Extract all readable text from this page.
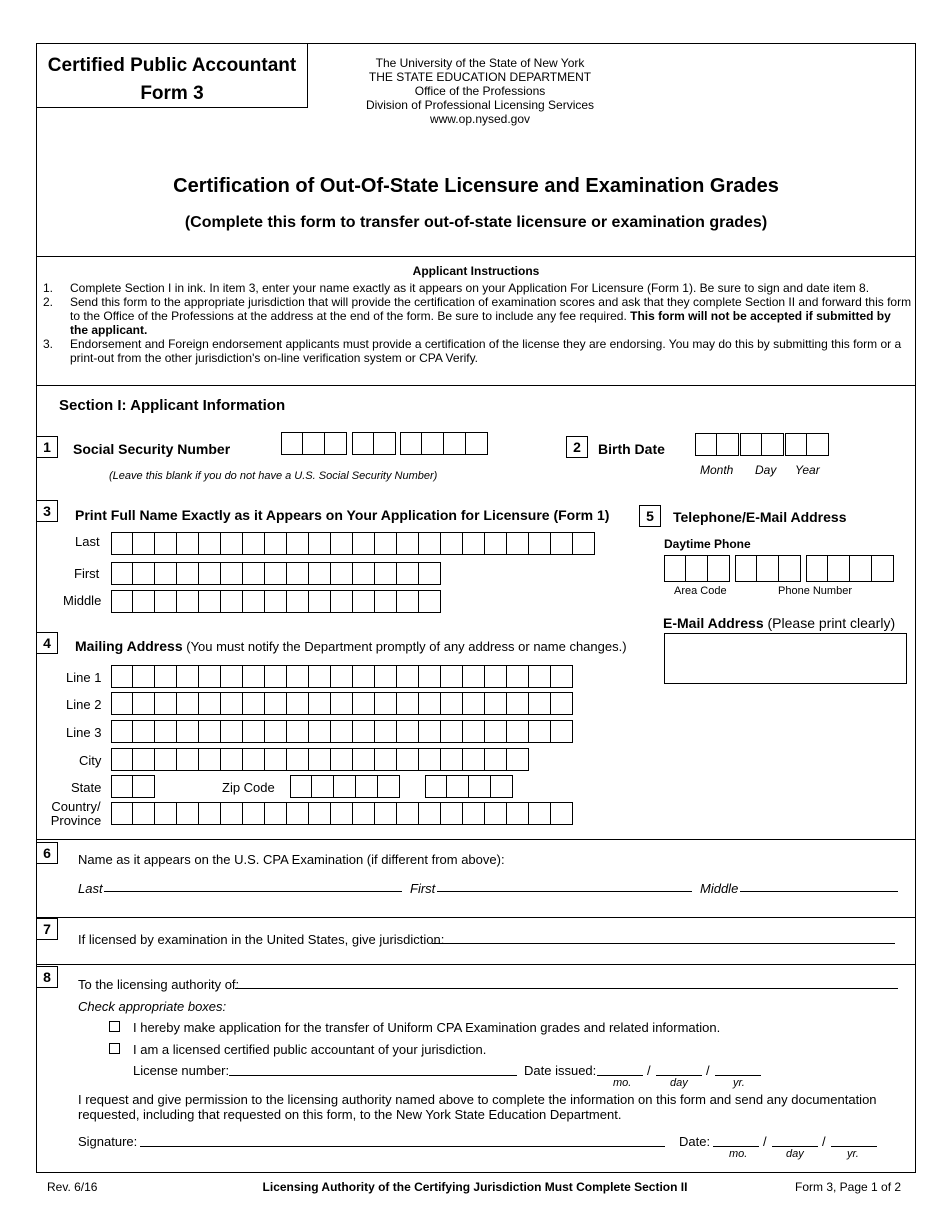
Certified Public Accountant
Form 3
The University of the State of New York
THE STATE EDUCATION DEPARTMENT
Office of the Professions
Division of Professional Licensing Services
www.op.nysed.gov
Certification of Out-Of-State Licensure and Examination Grades
(Complete this form to transfer out-of-state licensure or examination grades)
Applicant Instructions
1. Complete Section I in ink. In item 3, enter your name exactly as it appears on your Application For Licensure (Form 1). Be sure to sign and date item 8.
2. Send this form to the appropriate jurisdiction that will provide the certification of examination scores and ask that they complete Section II and forward this form to the Office of the Professions at the address at the end of the form. Be sure to include any fee required. This form will not be accepted if submitted by the applicant.
3. Endorsement and Foreign endorsement applicants must provide a certification of the license they are endorsing. You may do this by submitting this form or a print-out from the other jurisdiction's on-line verification system or CPA Verify.
Section I: Applicant Information
1	Social Security Number
(Leave this blank if you do not have a U.S. Social Security Number)
2	Birth Date
Month Day Year
3	Print Full Name Exactly as it Appears on Your Application for Licensure (Form 1)
Last
First
Middle
5	Telephone/E-Mail Address
Daytime Phone
Area Code	Phone Number
E-Mail Address (Please print clearly)
4	Mailing Address (You must notify the Department promptly of any address or name changes.)
Line 1
Line 2
Line 3
City
State
Country/
Province
Zip Code
6	Name as it appears on the U.S. CPA Examination (if different from above):
Last	First	Middle
7
If licensed by examination in the United States, give jurisdiction:
8	To the licensing authority of:
Check appropriate boxes:
I hereby make application for the transfer of Uniform CPA Examination grades and related information.
I am a licensed certified public accountant of your jurisdiction.
License number:	Date issued:	/	/
mo.	day	yr.
I request and give permission to the licensing authority named above to complete the information on this form and send any documentation requested, including that requested on this form, to the New York State Education Department.
Signature:	Date:	/	/
mo.	day	yr.
Rev. 6/16	Licensing Authority of the Certifying Jurisdiction Must Complete Section II	Form 3, Page 1 of 2
